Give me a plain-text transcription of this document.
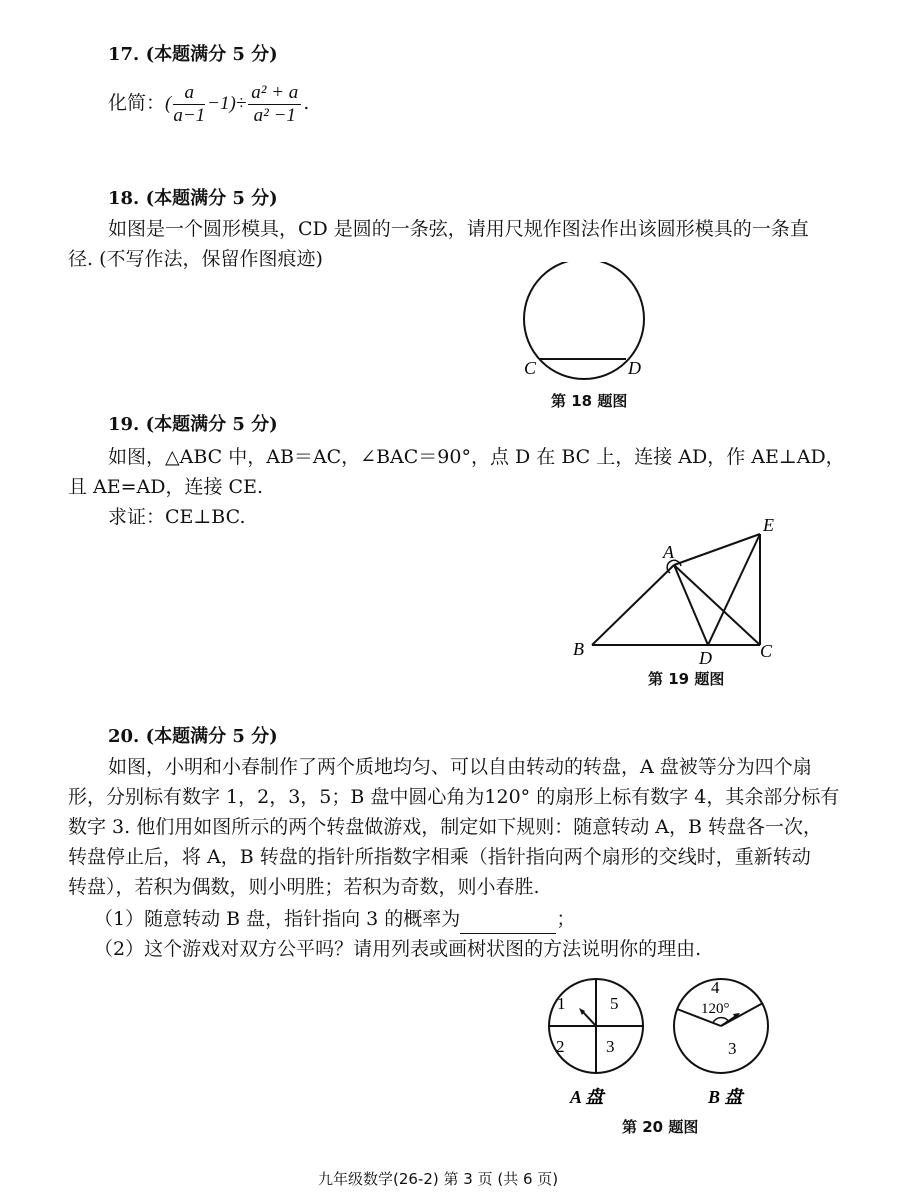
17. (本题满分 5 分)
化简：( $\frac{a}{a-1} -1)\div \frac{\text{a² + a}}{\text{a² −1}}$ .
18. (本题满分 5 分)
如图是一个圆形模具，CD 是圆的一条弦，请用尺规作图法作出该圆形模具的一条直
径. (不写作法，保留作图痕迹)
C	D
第 18 题图
19. (本题满分 5 分)
如图，△ABC 中，AB＝AC，∠BAC＝90°，点 D 在 BC 上，连接 AD，作 AE⊥AD，
且 AE=AD，连接 CE.
求证：CE⊥BC.
A
B	D	C
E
第 19 题图
20. (本题满分 5 分)
如图，小明和小春制作了两个质地均匀、可以自由转动的转盘，A 盘被等分为四个扇
形，分别标有数字 1，2，3，5；B 盘中圆心角为120° 的扇形上标有数字 4，其余部分标有
数字 3. 他们用如图所示的两个转盘做游戏，制定如下规则：随意转动 A，B 转盘各一次，
转盘停止后，将 A，B 转盘的指针所指数字相乘（指针指向两个扇形的交线时，重新转动
转盘），若积为偶数，则小明胜；若积为奇数，则小春胜.
（1）随意转动 B 盘，指针指向 3 的概率为	；
（2）这个游戏对双方公平吗？请用列表或画树状图的方法说明你的理由.
1	5
2 3
A 盘
4
120°
3
B 盘
第 20 题图
九年级数学(26-2) 第 3 页 (共 6 页)
